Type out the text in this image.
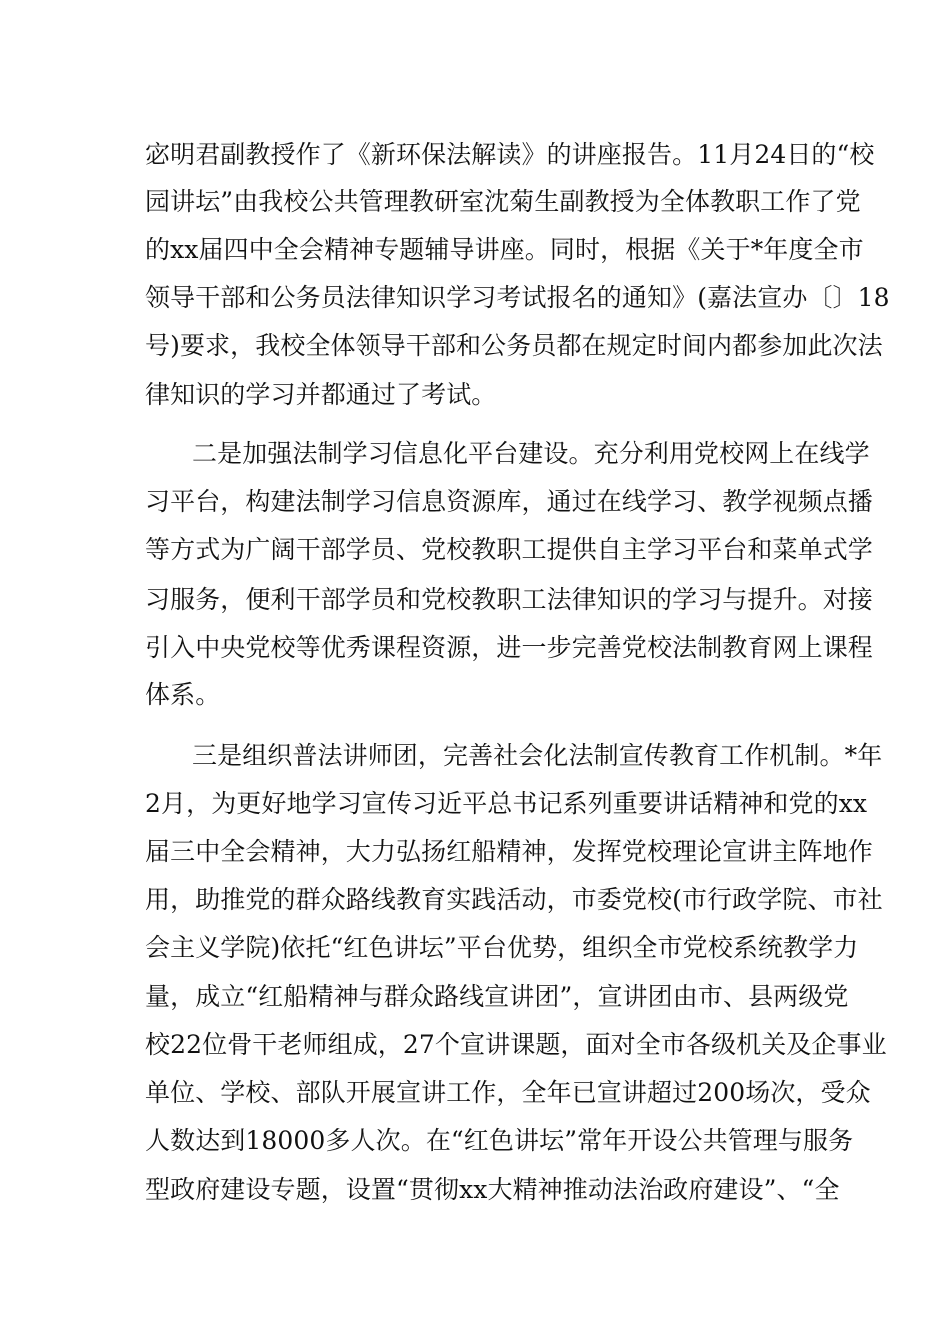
宓明君副教授作了《新环保法解读》的讲座报告。11月24日的“校
园讲坛”由我校公共管理教研室沈菊生副教授为全体教职工作了党
的xx届四中全会精神专题辅导讲座。同时，根据《关于*年度全市
领导干部和公务员法律知识学习考试报名的通知》(嘉法宣办〔〕18
号)要求，我校全体领导干部和公务员都在规定时间内都参加此次法
律知识的学习并都通过了考试。
二是加强法制学习信息化平台建设。充分利用党校网上在线学
习平台，构建法制学习信息资源库，通过在线学习、教学视频点播
等方式为广阔干部学员、党校教职工提供自主学习平台和菜单式学
习服务，便利干部学员和党校教职工法律知识的学习与提升。对接
引入中央党校等优秀课程资源，进一步完善党校法制教育网上课程
体系。
三是组织普法讲师团，完善社会化法制宣传教育工作机制。*年
2月，为更好地学习宣传习近平总书记系列重要讲话精神和党的xx
届三中全会精神，大力弘扬红船精神，发挥党校理论宣讲主阵地作
用，助推党的群众路线教育实践活动，市委党校(市行政学院、市社
会主义学院)依托“红色讲坛”平台优势，组织全市党校系统教学力
量，成立“红船精神与群众路线宣讲团”，宣讲团由市、县两级党
校22位骨干老师组成，27个宣讲课题，面对全市各级机关及企事业
单位、学校、部队开展宣讲工作，全年已宣讲超过200场次，受众
人数达到18000多人次。在“红色讲坛”常年开设公共管理与服务
型政府建设专题，设置“贯彻xx大精神推动法治政府建设”、“全
